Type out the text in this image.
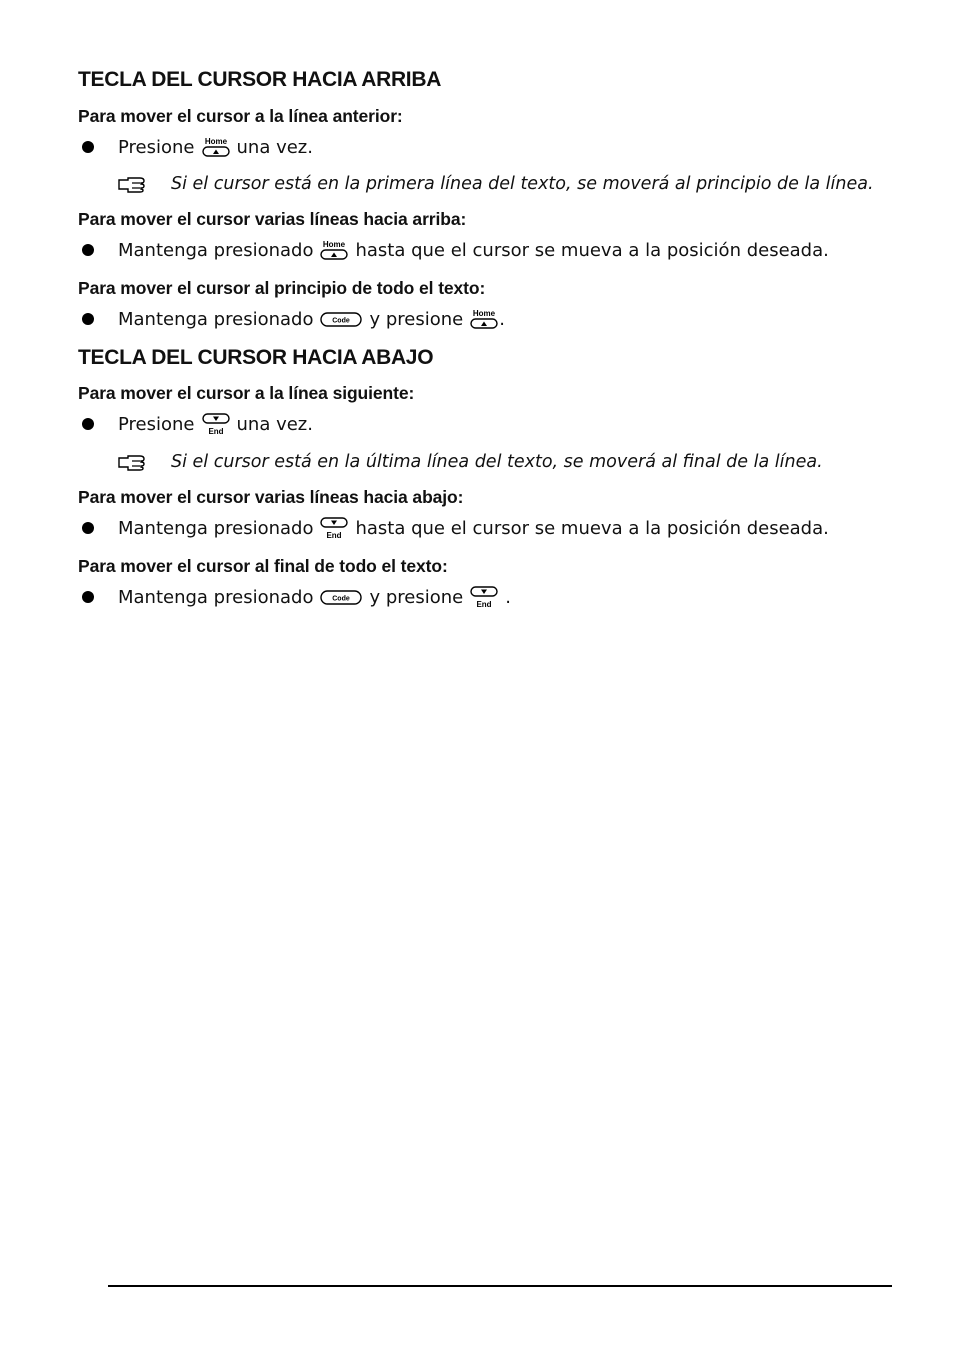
TECLA DEL CURSOR HACIA ARRIBA
Para mover el cursor a la línea anterior:
Presione Home una vez.
Si el cursor está en la primera línea del texto, se moverá al principio de la línea.
Para mover el cursor varias líneas hacia arriba:
Mantenga presionado Home hasta que el cursor se mueva a la posición deseada.
Para mover el cursor al principio de todo el texto:
Mantenga presionado	Code y presione Home .
TECLA DEL CURSOR HACIA ABAJO
Para mover el cursor a la línea siguiente:
Presione End una vez.
Si el cursor está en la última línea del texto, se moverá al final de la línea.
Para mover el cursor varias líneas hacia abajo:
Mantenga presionado End hasta que el cursor se mueva a la posición deseada.
Para mover el cursor al final de todo el texto:
Mantenga presionado	Code y presione End .
